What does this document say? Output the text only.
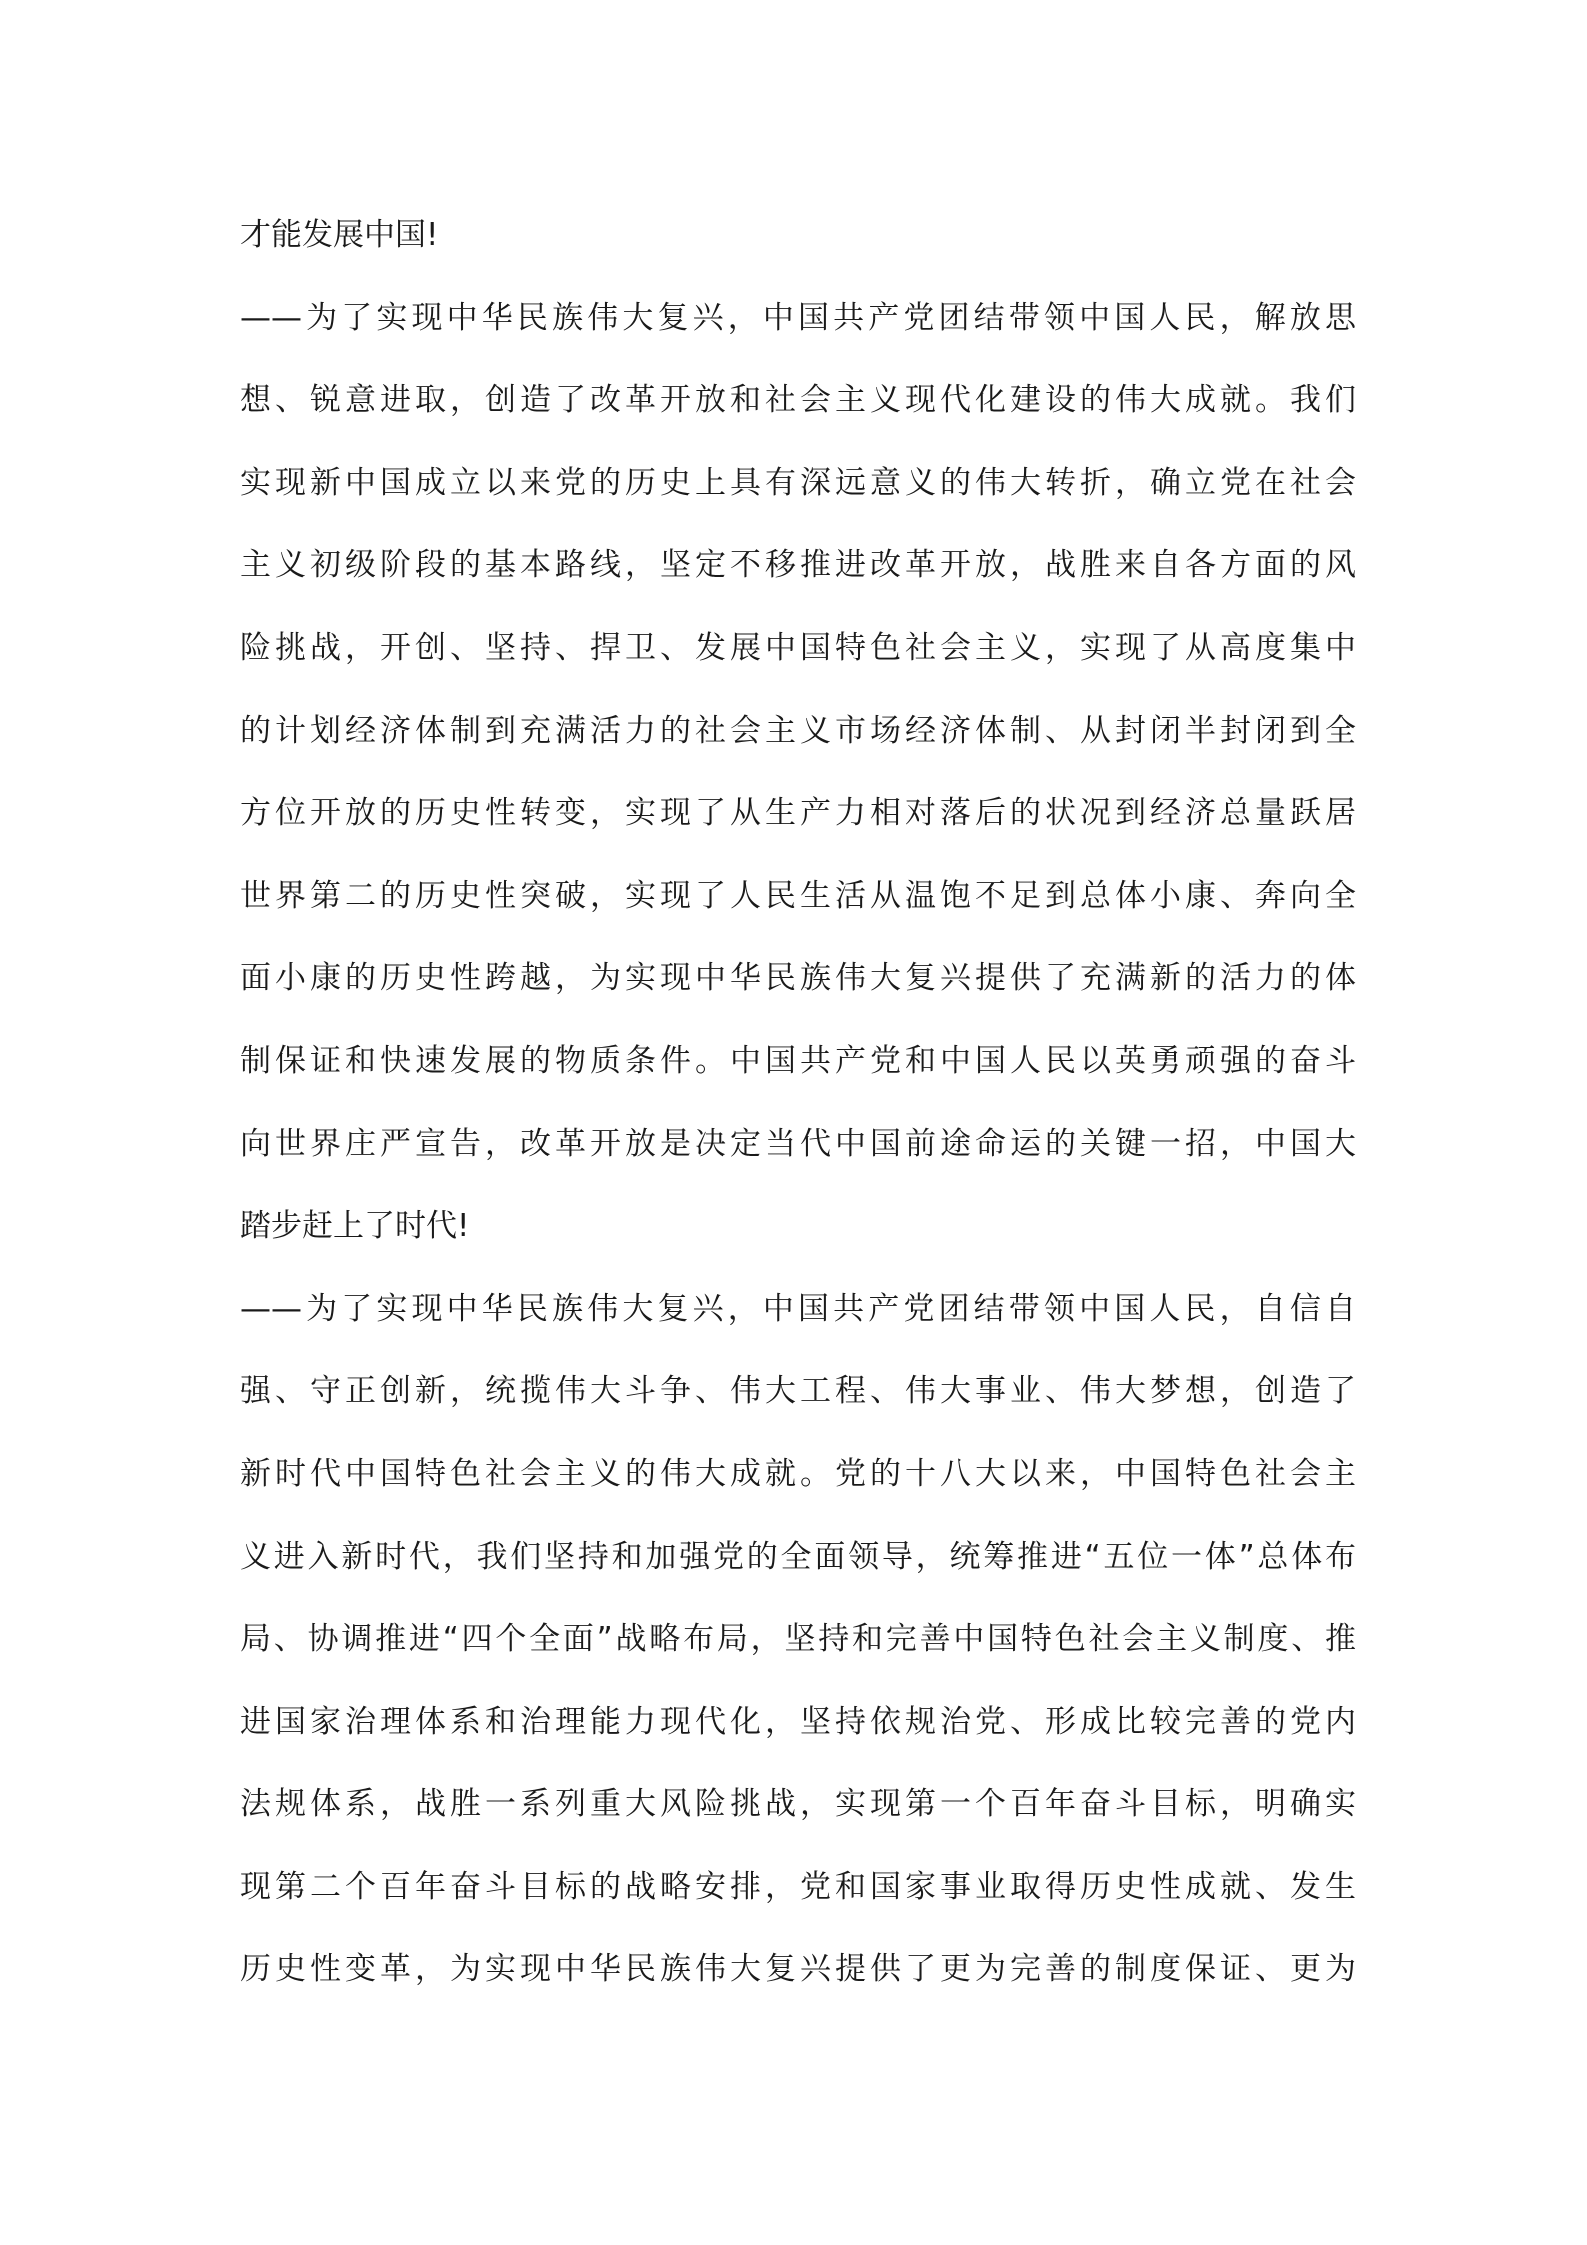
才能发展中国!
——为了实现中华民族伟大复兴，中国共产党团结带领中国人民，解放思
想、锐意进取，创造了改革开放和社会主义现代化建设的伟大成就。我们
实现新中国成立以来党的历史上具有深远意义的伟大转折，确立党在社会
主义初级阶段的基本路线，坚定不移推进改革开放，战胜来自各方面的风
险挑战，开创、坚持、捍卫、发展中国特色社会主义，实现了从高度集中
的计划经济体制到充满活力的社会主义市场经济体制、从封闭半封闭到全
方位开放的历史性转变，实现了从生产力相对落后的状况到经济总量跃居
世界第二的历史性突破，实现了人民生活从温饱不足到总体小康、奔向全
面小康的历史性跨越，为实现中华民族伟大复兴提供了充满新的活力的体
制保证和快速发展的物质条件。中国共产党和中国人民以英勇顽强的奋斗
向世界庄严宣告，改革开放是决定当代中国前途命运的关键一招，中国大
踏步赶上了时代!
——为了实现中华民族伟大复兴，中国共产党团结带领中国人民，自信自
强、守正创新，统揽伟大斗争、伟大工程、伟大事业、伟大梦想，创造了
新时代中国特色社会主义的伟大成就。党的十八大以来，中国特色社会主
义进入新时代，我们坚持和加强党的全面领导，统筹推进“五位一体”总体布
局、协调推进“四个全面”战略布局，坚持和完善中国特色社会主义制度、推
进国家治理体系和治理能力现代化，坚持依规治党、形成比较完善的党内
法规体系，战胜一系列重大风险挑战，实现第一个百年奋斗目标，明确实
现第二个百年奋斗目标的战略安排，党和国家事业取得历史性成就、发生
历史性变革，为实现中华民族伟大复兴提供了更为完善的制度保证、更为
